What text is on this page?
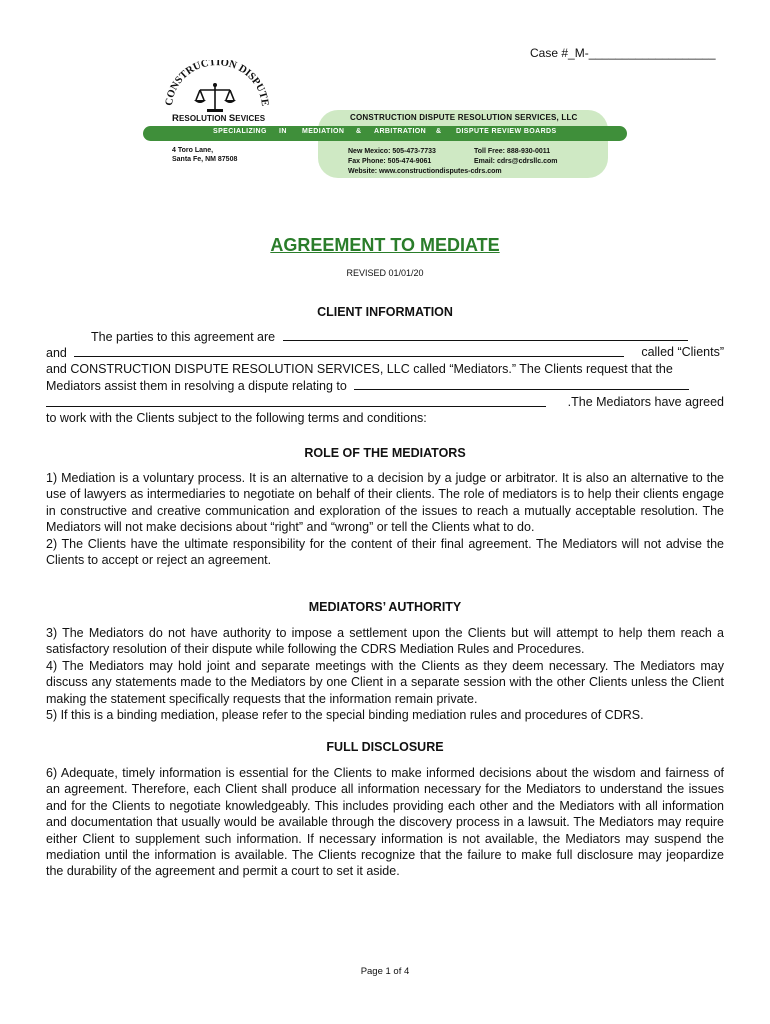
Case #_M-___________________
CONSTRUCTION DISPUTE
RESOLUTION SEVICES	CONSTRUCTION DISPUTE RESOLUTION SERVICES, LLC
SPECIALIZING IN MEDIATION & ARBITRATION & DISPUTE REVIEW BOARDS
4 Toro Lane,
Santa Fe, NM 87508
New Mexico: 505-473-7733
Fax Phone: 505-474-9061
Website: www.constructiondisputes-cdrs.com
Toll Free: 888-930-0011
Email: cdrs@cdrsllc.com
AGREEMENT TO MEDIATE
REVISED 01/01/20
CLIENT INFORMATION
The parties to this agreement are
and	called “Clients”
and CONSTRUCTION DISPUTE RESOLUTION SERVICES, LLC called “Mediators.” The Clients request that the
Mediators assist them in resolving a dispute relating to
.The Mediators have agreed
to work with the Clients subject to the following terms and conditions:
ROLE OF THE MEDIATORS
1) Mediation is a voluntary process. It is an alternative to a decision by a judge or arbitrator. It is also an alternative to the use of lawyers as intermediaries to negotiate on behalf of their clients. The role of mediators is to help their clients engage in constructive and creative communication and exploration of the issues to reach a mutually acceptable resolution. The Mediators will not make decisions about “right” and “wrong” or tell the Clients what to do.
2) The Clients have the ultimate responsibility for the content of their final agreement. The Mediators will not advise the Clients to accept or reject an agreement.
MEDIATORS’ AUTHORITY
3) The Mediators do not have authority to impose a settlement upon the Clients but will attempt to help them reach a satisfactory resolution of their dispute while following the CDRS Mediation Rules and Procedures.
4) The Mediators may hold joint and separate meetings with the Clients as they deem necessary. The Mediators may discuss any statements made to the Mediators by one Client in a separate session with the other Clients unless the Client making the statement specifically requests that the information remain private.
5) If this is a binding mediation, please refer to the special binding mediation rules and procedures of CDRS.
FULL DISCLOSURE
6) Adequate, timely information is essential for the Clients to make informed decisions about the wisdom and fairness of an agreement. Therefore, each Client shall produce all information necessary for the Mediators to understand the issues and for the Clients to negotiate knowledgeably. This includes providing each other and the Mediators with all information and documentation that usually would be available through the discovery process in a lawsuit. The Mediators may require either Client to supplement such information. If necessary information is not available, the Mediators may suspend the mediation until the information is available. The Clients recognize that the failure to make full disclosure may jeopardize the durability of the agreement and permit a court to set it aside.
Page 1 of 4
